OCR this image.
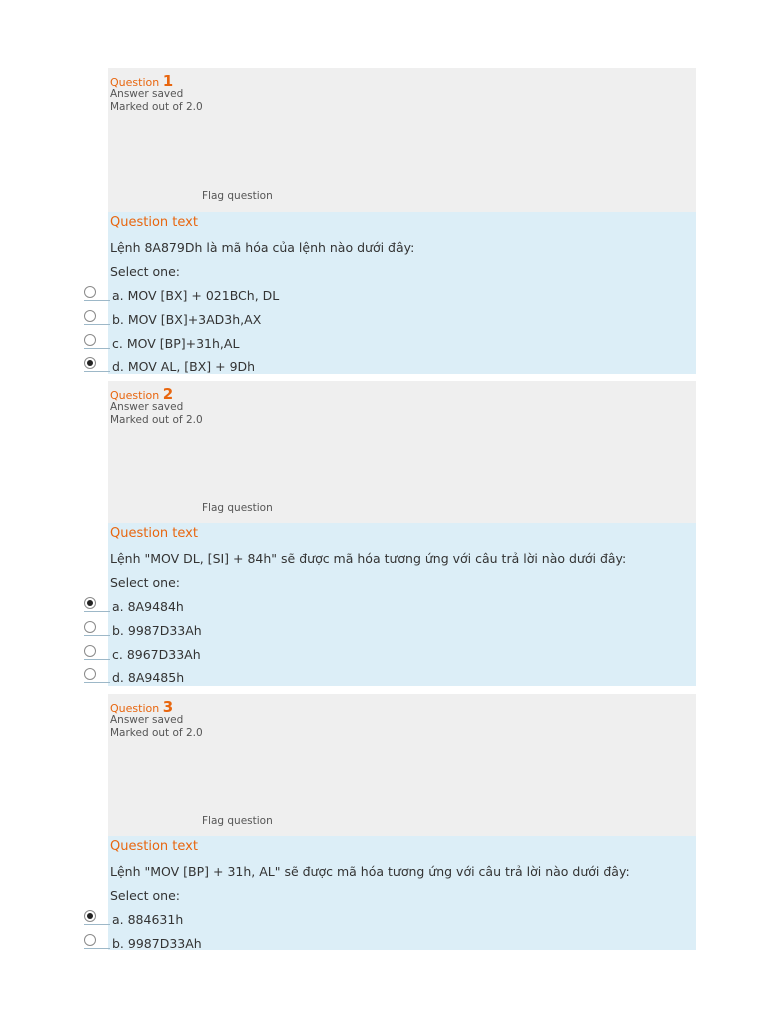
Question 1
Answer saved
Marked out of 2.0
Flag question
Question text
Lệnh 8A879Dh là mã hóa của lệnh nào dưới đây:
Select one:
a. MOV [BX] + 021BCh, DL
b. MOV [BX]+3AD3h,AX
c. MOV [BP]+31h,AL
d. MOV AL, [BX] + 9Dh
Question 2
Answer saved
Marked out of 2.0
Flag question
Question text
Lệnh "MOV DL, [SI] + 84h" sẽ được mã hóa tương ứng với câu trả lời nào dưới đây:
Select one:
a. 8A9484h
b. 9987D33Ah
c. 8967D33Ah
d. 8A9485h
Question 3
Answer saved
Marked out of 2.0
Flag question
Question text
Lệnh "MOV [BP] + 31h, AL" sẽ được mã hóa tương ứng với câu trả lời nào dưới đây:
Select one:
a. 884631h
b. 9987D33Ah
